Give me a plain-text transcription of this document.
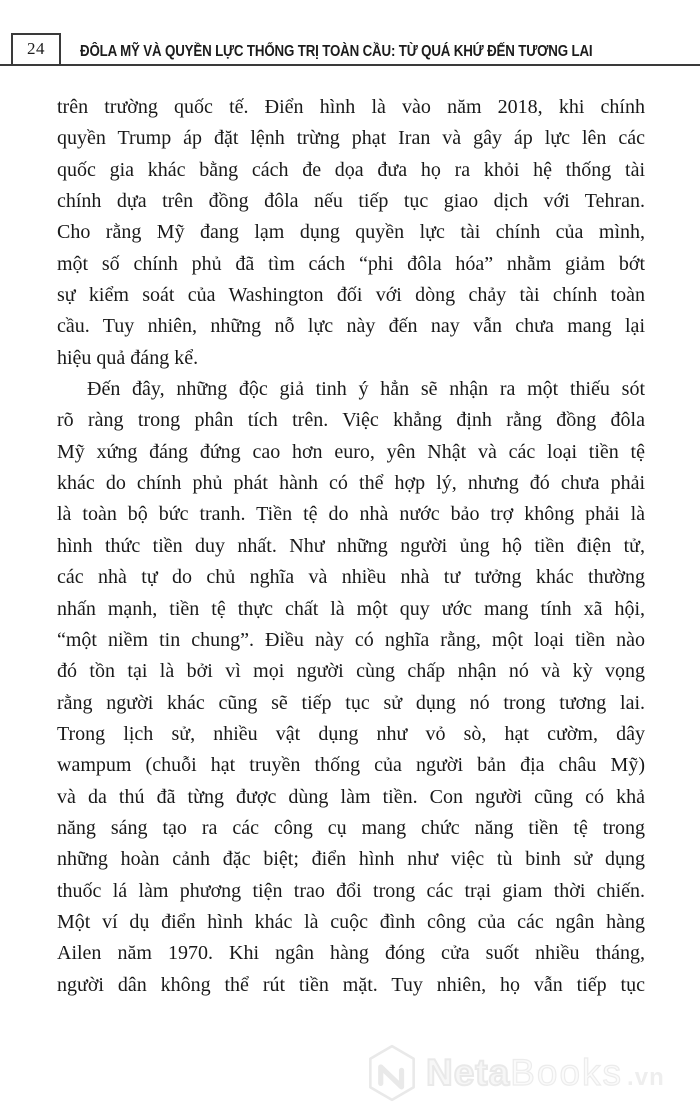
24 ĐÔLA MỸ VÀ QUYỀN LỰC THỐNG TRỊ TOÀN CẦU: TỪ QUÁ KHỨ ĐẾN TƯƠNG LAI
trên trường quốc tế. Điển hình là vào năm 2018, khi chính
quyền Trump áp đặt lệnh trừng phạt Iran và gây áp lực lên các
quốc gia khác bằng cách đe dọa đưa họ ra khỏi hệ thống tài
chính dựa trên đồng đôla nếu tiếp tục giao dịch với Tehran.
Cho rằng Mỹ đang lạm dụng quyền lực tài chính của mình,
một số chính phủ đã tìm cách “phi đôla hóa” nhằm giảm bớt
sự kiểm soát của Washington đối với dòng chảy tài chính toàn
cầu. Tuy nhiên, những nỗ lực này đến nay vẫn chưa mang lại
hiệu quả đáng kể.
Đến đây, những độc giả tinh ý hẳn sẽ nhận ra một thiếu sót
rõ ràng trong phân tích trên. Việc khẳng định rằng đồng đôla
Mỹ xứng đáng đứng cao hơn euro, yên Nhật và các loại tiền tệ
khác do chính phủ phát hành có thể hợp lý, nhưng đó chưa phải
là toàn bộ bức tranh. Tiền tệ do nhà nước bảo trợ không phải là
hình thức tiền duy nhất. Như những người ủng hộ tiền điện tử,
các nhà tự do chủ nghĩa và nhiều nhà tư tưởng khác thường
nhấn mạnh, tiền tệ thực chất là một quy ước mang tính xã hội,
“một niềm tin chung”. Điều này có nghĩa rằng, một loại tiền nào
đó tồn tại là bởi vì mọi người cùng chấp nhận nó và kỳ vọng
rằng người khác cũng sẽ tiếp tục sử dụng nó trong tương lai.
Trong lịch sử, nhiều vật dụng như vỏ sò, hạt cườm, dây
wampum (chuỗi hạt truyền thống của người bản địa châu Mỹ)
và da thú đã từng được dùng làm tiền. Con người cũng có khả
năng sáng tạo ra các công cụ mang chức năng tiền tệ trong
những hoàn cảnh đặc biệt; điển hình như việc tù binh sử dụng
thuốc lá làm phương tiện trao đổi trong các trại giam thời chiến.
Một ví dụ điển hình khác là cuộc đình công của các ngân hàng
Ailen năm 1970. Khi ngân hàng đóng cửa suốt nhiều tháng,
người dân không thể rút tiền mặt. Tuy nhiên, họ vẫn tiếp tục
Neta Books .vn
